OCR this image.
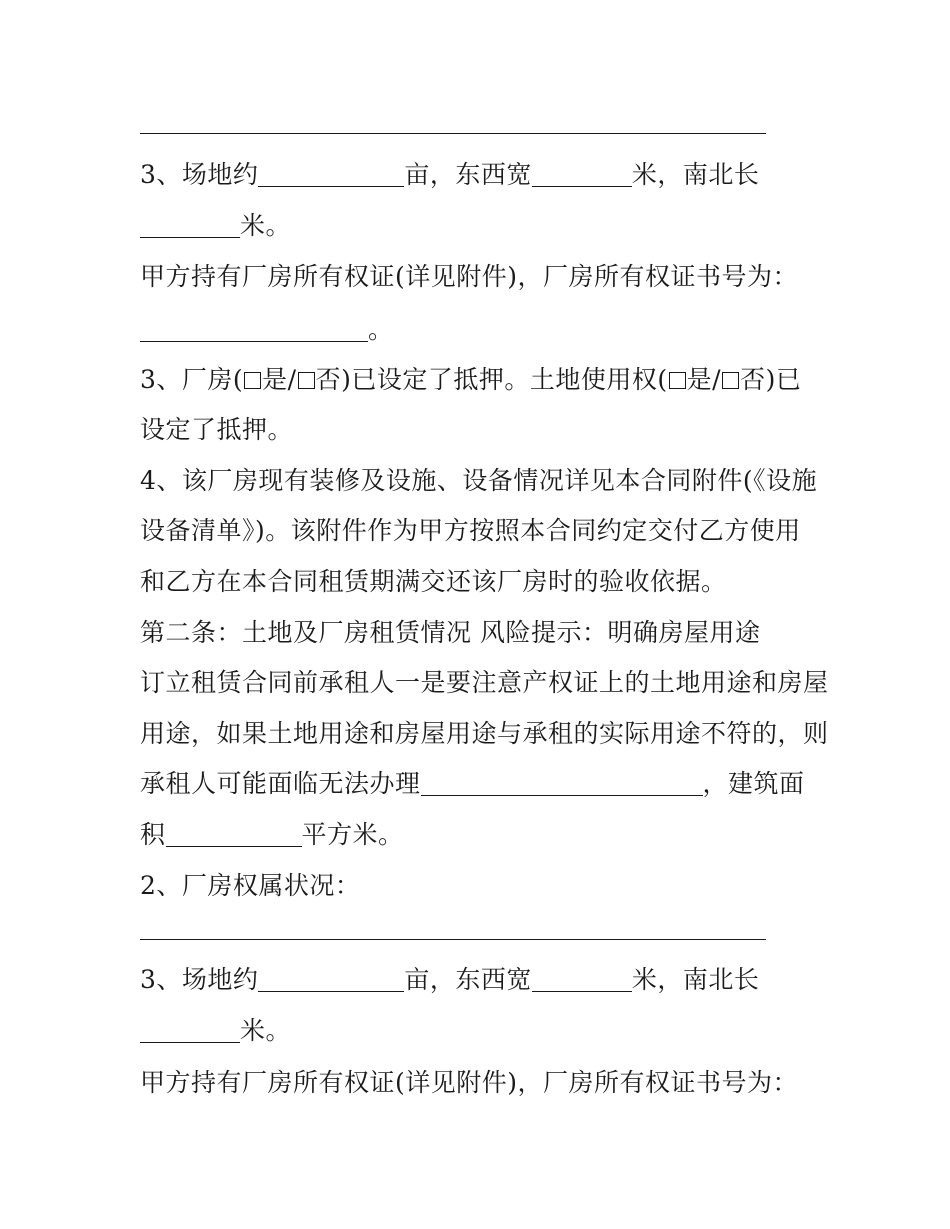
3、场地约	亩，东西宽	米，南北长
米。
甲方持有厂房所有权证(详见附件)，厂房所有权证书号为：
。
3、厂房( 是/ 否)已设定了抵押。土地使用权( 是/ 否)已
设定了抵押。
4、该厂房现有装修及设施、设备情况详见本合同附件(《设施
设备清单》)。该附件作为甲方按照本合同约定交付乙方使用
和乙方在本合同租赁期满交还该厂房时的验收依据。
第二条：土地及厂房租赁情况 风险提示：明确房屋用途
订立租赁合同前承租人一是要注意产权证上的土地用途和房屋
用途，如果土地用途和房屋用途与承租的实际用途不符的，则
承租人可能面临无法办理	，建筑面
积	平方米。
2、厂房权属状况：
3、场地约	亩，东西宽	米，南北长
米。
甲方持有厂房所有权证(详见附件)，厂房所有权证书号为：
